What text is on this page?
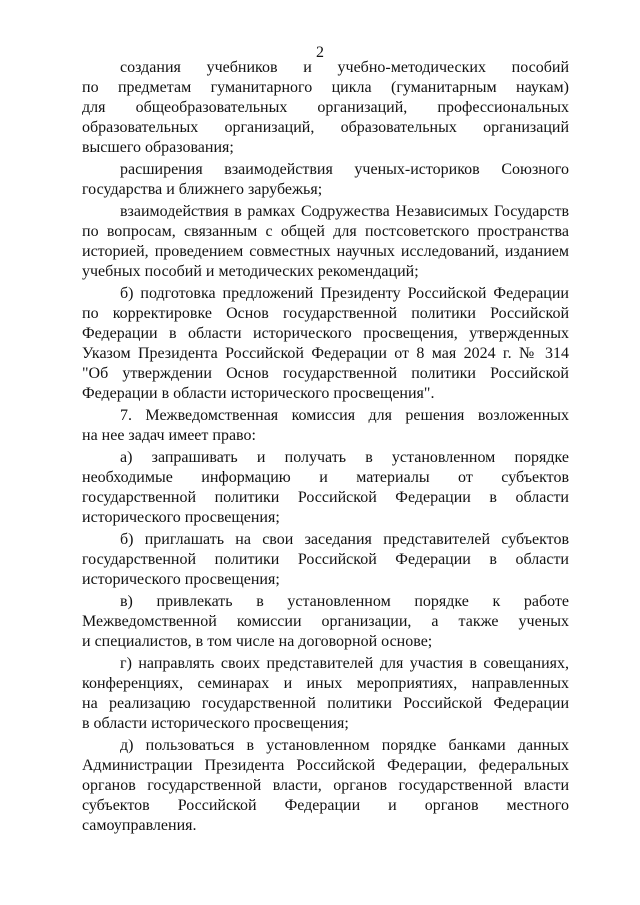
2
создания учебников и учебно-методических пособий
по предметам гуманитарного цикла (гуманитарным наукам)
для общеобразовательных организаций, профессиональных
образовательных организаций, образовательных организаций
высшего образования;
расширения взаимодействия ученых-историков Союзного
государства и ближнего зарубежья;
взаимодействия в рамках Содружества Независимых Государств
по вопросам, связанным с общей для постсоветского пространства
историей, проведением совместных научных исследований, изданием
учебных пособий и методических рекомендаций;
б) подготовка предложений Президенту Российской Федерации
по корректировке Основ государственной политики Российской
Федерации в области исторического просвещения, утвержденных
Указом Президента Российской Федерации от 8 мая 2024 г. № 314
"Об утверждении Основ государственной политики Российской
Федерации в области исторического просвещения".
7. Межведомственная комиссия для решения возложенных
на нее задач имеет право:
а) запрашивать и получать в установленном порядке
необходимые информацию и материалы от субъектов
государственной политики Российской Федерации в области
исторического просвещения;
б) приглашать на свои заседания представителей субъектов
государственной политики Российской Федерации в области
исторического просвещения;
в) привлекать в установленном порядке к работе
Межведомственной комиссии организации, а также ученых
и специалистов, в том числе на договорной основе;
г) направлять своих представителей для участия в совещаниях,
конференциях, семинарах и иных мероприятиях, направленных
на реализацию государственной политики Российской Федерации
в области исторического просвещения;
д) пользоваться в установленном порядке банками данных
Администрации Президента Российской Федерации, федеральных
органов государственной власти, органов государственной власти
субъектов Российской Федерации и органов местного
самоуправления.
